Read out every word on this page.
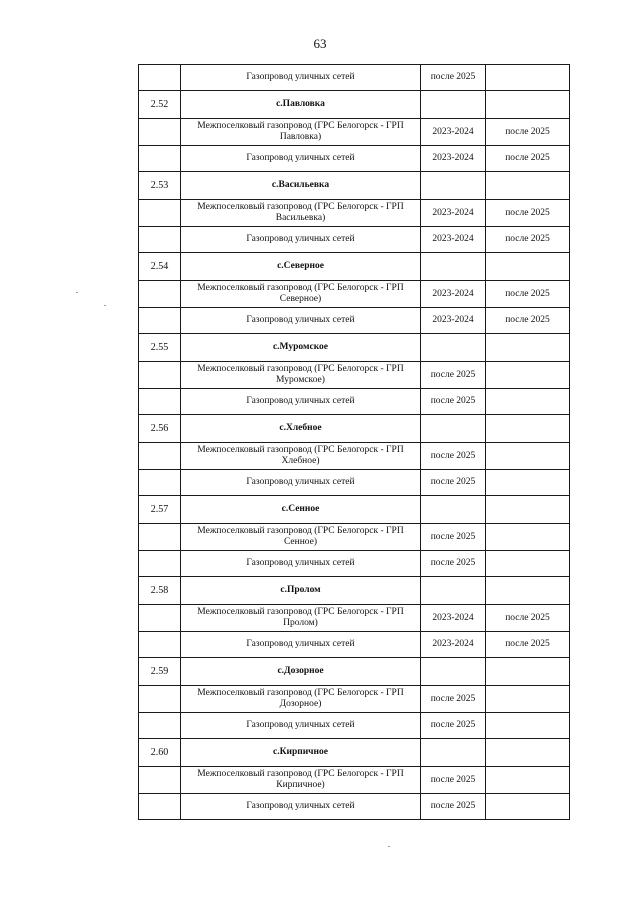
63
	Газопровод уличных сетей	после 2025	
2.52	с.Павловка		
	Межпоселковый газопровод (ГРС Белогорск - ГРП Павловка)	2023-2024	после 2025
	Газопровод уличных сетей	2023-2024	после 2025
2.53	с.Васильевка		
	Межпоселковый газопровод (ГРС Белогорск - ГРП Васильевка)	2023-2024	после 2025
	Газопровод уличных сетей	2023-2024	после 2025
2.54	с.Северное		
	Межпоселковый газопровод (ГРС Белогорск - ГРП Северное)	2023-2024	после 2025
	Газопровод уличных сетей	2023-2024	после 2025
2.55	с.Муромское		
	Межпоселковый газопровод (ГРС Белогорск - ГРП Муромское)	после 2025	
	Газопровод уличных сетей	после 2025	
2.56	с.Хлебное		
	Межпоселковый газопровод (ГРС Белогорск - ГРП Хлебное)	после 2025	
	Газопровод уличных сетей	после 2025	
2.57	с.Сенное		
	Межпоселковый газопровод (ГРС Белогорск - ГРП Сенное)	после 2025	
	Газопровод уличных сетей	после 2025	
2.58	с.Пролом		
	Межпоселковый газопровод (ГРС Белогорск - ГРП Пролом)	2023-2024	после 2025
	Газопровод уличных сетей	2023-2024	после 2025
2.59	с.Дозорное		
	Межпоселковый газопровод (ГРС Белогорск - ГРП Дозорное)	после 2025	
	Газопровод уличных сетей	после 2025	
2.60	с.Кирпичное		
	Межпоселковый газопровод (ГРС Белогорск - ГРП Кирпичное)	после 2025	
	Газопровод уличных сетей	после 2025	
